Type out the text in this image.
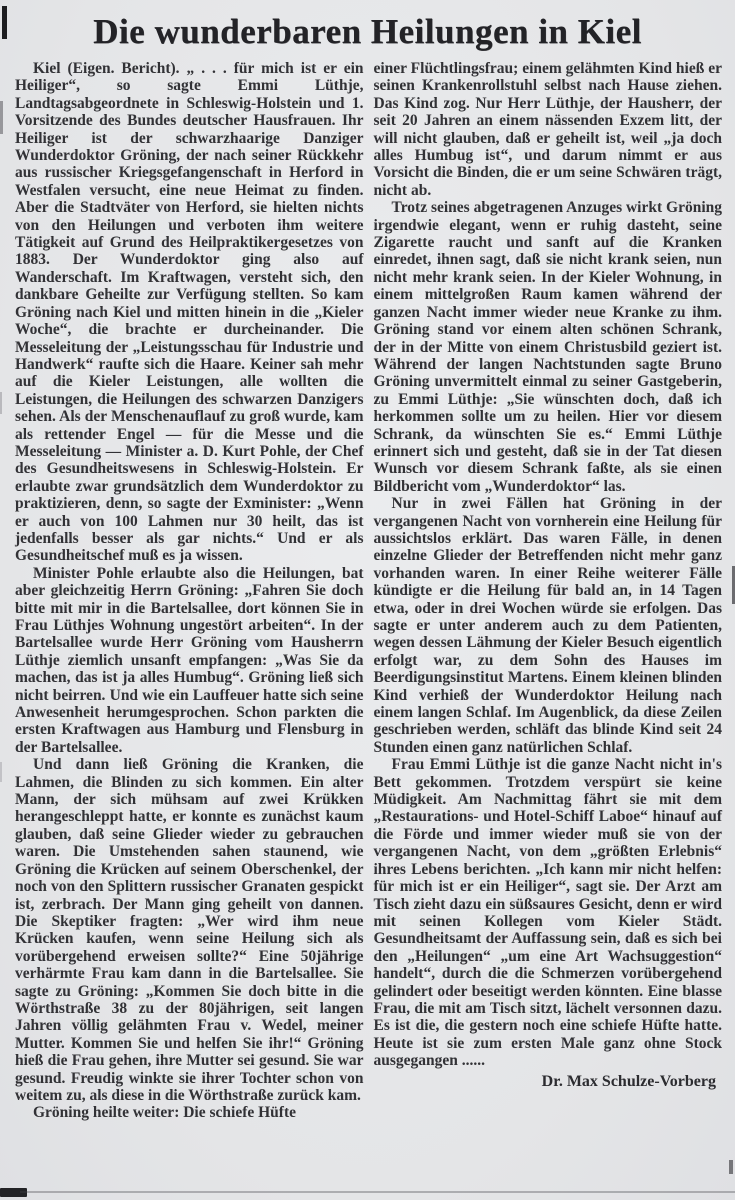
Die wunderbaren Heilungen in Kiel

Kiel (Eigen. Bericht). „ . . . für mich ist er ein Heiliger“, so sagte Emmi Lüthje, Landtagsabgeordnete in Schleswig-Holstein und 1. Vorsitzende des Bundes deutscher Hausfrauen. Ihr Heiliger ist der schwarzhaarige Danziger Wunderdoktor Gröning, der nach seiner Rückkehr aus russischer Kriegsgefangenschaft in Herford in Westfalen versucht, eine neue Heimat zu finden. Aber die Stadtväter von Herford, sie hielten nichts von den Heilungen und verboten ihm weitere Tätigkeit auf Grund des Heilpraktikergesetzes von 1883. Der Wunderdoktor ging also auf Wanderschaft. Im Kraftwagen, versteht sich, den dankbare Geheilte zur Verfügung stellten. So kam Gröning nach Kiel und mitten hinein in die „Kieler Woche“, die brachte er durcheinander. Die Messeleitung der „Leistungsschau für Industrie und Handwerk“ raufte sich die Haare. Keiner sah mehr auf die Kieler Leistungen, alle wollten die Leistungen, die Heilungen des schwarzen Danzigers sehen. Als der Menschenauflauf zu groß wurde, kam als rettender Engel — für die Messe und die Messeleitung — Minister a. D. Kurt Pohle, der Chef des Gesundheitswesens in Schleswig-Holstein. Er erlaubte zwar grundsätzlich dem Wunderdoktor zu praktizieren, denn, so sagte der Exminister: „Wenn er auch von 100 Lahmen nur 30 heilt, das ist jedenfalls besser als gar nichts.“ Und er als Gesundheitschef muß es ja wissen.

Minister Pohle erlaubte also die Heilungen, bat aber gleichzeitig Herrn Gröning: „Fahren Sie doch bitte mit mir in die Bartelsallee, dort können Sie in Frau Lüthjes Wohnung ungestört arbeiten“. In der Bartelsallee wurde Herr Gröning vom Hausherrn Lüthje ziemlich unsanft empfangen: „Was Sie da machen, das ist ja alles Humbug“. Gröning ließ sich nicht beirren. Und wie ein Lauffeuer hatte sich seine Anwesenheit herumgesprochen. Schon parkten die ersten Kraftwagen aus Hamburg und Flensburg in der Bartelsallee.

Und dann ließ Gröning die Kranken, die Lahmen, die Blinden zu sich kommen. Ein alter Mann, der sich mühsam auf zwei Krükken herangeschleppt hatte, er konnte es zunächst kaum glauben, daß seine Glieder wieder zu gebrauchen waren. Die Umstehenden sahen staunend, wie Gröning die Krücken auf seinem Oberschenkel, der noch von den Splittern russischer Granaten gespickt ist, zerbrach. Der Mann ging geheilt von dannen. Die Skeptiker fragten: „Wer wird ihm neue Krücken kaufen, wenn seine Heilung sich als vorübergehend erweisen sollte?“ Eine 50jährige verhärmte Frau kam dann in die Bartelsallee. Sie sagte zu Gröning: „Kommen Sie doch bitte in die Wörthstraße 38 zu der 80jährigen, seit langen Jahren völlig gelähmten Frau v. Wedel, meiner Mutter. Kommen Sie und helfen Sie ihr!“ Gröning hieß die Frau gehen, ihre Mutter sei gesund. Sie war gesund. Freudig winkte sie ihrer Tochter schon von weitem zu, als diese in die Wörthstraße zurück kam.

Gröning heilte weiter: Die schiefe Hüfte

einer Flüchtlingsfrau; einem gelähmten Kind hieß er seinen Krankenrollstuhl selbst nach Hause ziehen. Das Kind zog. Nur Herr Lüthje, der Hausherr, der seit 20 Jahren an einem nässenden Exzem litt, der will nicht glauben, daß er geheilt ist, weil „ja doch alles Humbug ist“, und darum nimmt er aus Vorsicht die Binden, die er um seine Schwären trägt, nicht ab.

Trotz seines abgetragenen Anzuges wirkt Gröning irgendwie elegant, wenn er ruhig dasteht, seine Zigarette raucht und sanft auf die Kranken einredet, ihnen sagt, daß sie nicht krank seien, nun nicht mehr krank seien. In der Kieler Wohnung, in einem mittelgroßen Raum kamen während der ganzen Nacht immer wieder neue Kranke zu ihm. Gröning stand vor einem alten schönen Schrank, der in der Mitte von einem Christusbild geziert ist. Während der langen Nachtstunden sagte Bruno Gröning unvermittelt einmal zu seiner Gastgeberin, zu Emmi Lüthje: „Sie wünschten doch, daß ich herkommen sollte um zu heilen. Hier vor diesem Schrank, da wünschten Sie es.“ Emmi Lüthje erinnert sich und gesteht, daß sie in der Tat diesen Wunsch vor diesem Schrank faßte, als sie einen Bildbericht vom „Wunderdoktor“ las.

Nur in zwei Fällen hat Gröning in der vergangenen Nacht von vornherein eine Heilung für aussichtslos erklärt. Das waren Fälle, in denen einzelne Glieder der Betreffenden nicht mehr ganz vorhanden waren. In einer Reihe weiterer Fälle kündigte er die Heilung für bald an, in 14 Tagen etwa, oder in drei Wochen würde sie erfolgen. Das sagte er unter anderem auch zu dem Patienten, wegen dessen Lähmung der Kieler Besuch eigentlich erfolgt war, zu dem Sohn des Hauses im Beerdigungsinstitut Martens. Einem kleinen blinden Kind verhieß der Wunderdoktor Heilung nach einem langen Schlaf. Im Augenblick, da diese Zeilen geschrieben werden, schläft das blinde Kind seit 24 Stunden einen ganz natürlichen Schlaf.

Frau Emmi Lüthje ist die ganze Nacht nicht in's Bett gekommen. Trotzdem verspürt sie keine Müdigkeit. Am Nachmittag fährt sie mit dem „Restaurations- und Hotel-Schiff Laboe“ hinauf auf die Förde und immer wieder muß sie von der vergangenen Nacht, von dem „größten Erlebnis“ ihres Lebens berichten. „Ich kann mir nicht helfen: für mich ist er ein Heiliger“, sagt sie. Der Arzt am Tisch zieht dazu ein süßsaures Gesicht, denn er wird mit seinen Kollegen vom Kieler Städt. Gesundheitsamt der Auffassung sein, daß es sich bei den „Heilungen“ „um eine Art Wachsuggestion“ handelt“, durch die die Schmerzen vorübergehend gelindert oder beseitigt werden könnten. Eine blasse Frau, die mit am Tisch sitzt, lächelt versonnen dazu. Es ist die, die gestern noch eine schiefe Hüfte hatte. Heute ist sie zum ersten Male ganz ohne Stock ausgegangen ......

Dr. Max Schulze-Vorberg
